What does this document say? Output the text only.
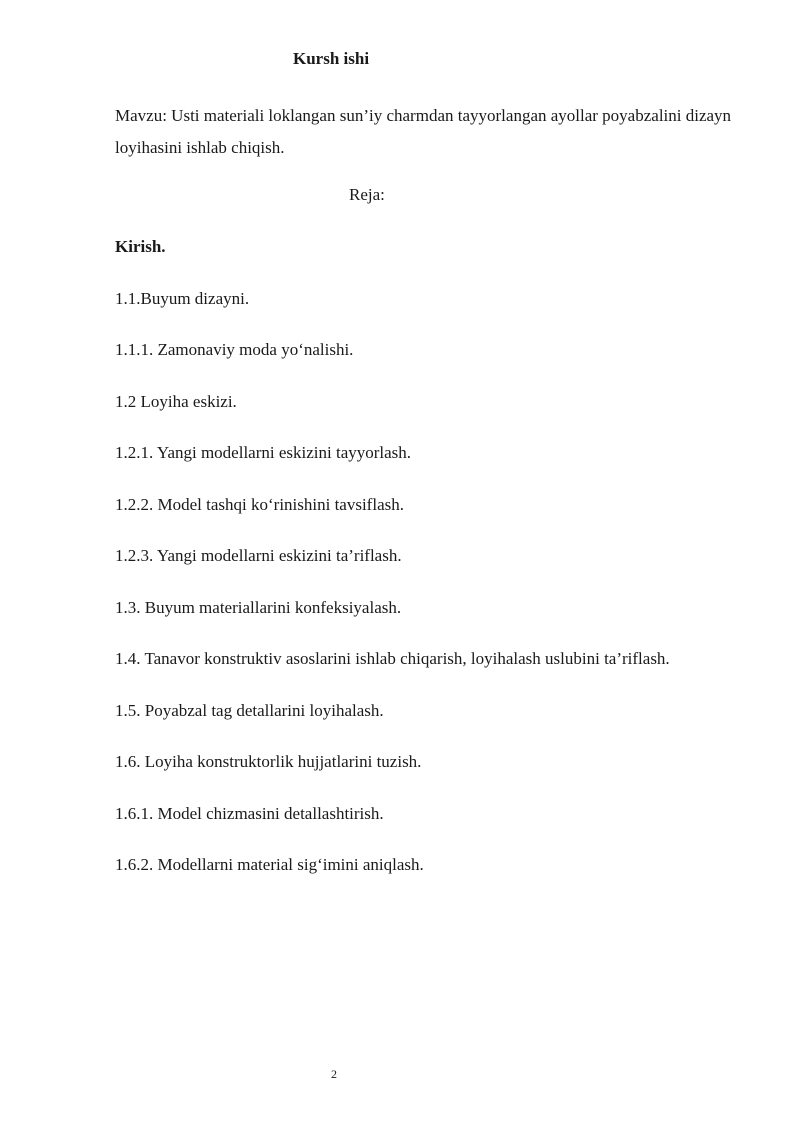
Kursh ishi
Mavzu: Usti materiali loklangan sun’iy charmdan tayyorlangan ayollar poyabzalini dizayn loyihasini ishlab chiqish.
Reja:
Kirish.
1.1.Buyum dizayni.
1.1.1. Zamonaviy moda yo‘nalishi.
1.2 Loyiha eskizi.
1.2.1. Yangi modellarni eskizini tayyorlash.
1.2.2. Model tashqi ko‘rinishini tavsiflash.
1.2.3. Yangi modellarni eskizini ta’riflash.
1.3. Buyum materiallarini konfeksiyalash.
1.4. Tanavor konstruktiv asoslarini ishlab chiqarish, loyihalash uslubini ta’riflash.
1.5. Poyabzal tag detallarini loyihalash.
1.6. Loyiha konstruktorlik hujjatlarini tuzish.
1.6.1. Model chizmasini detallashtirish.
1.6.2. Modellarni material sig‘imini aniqlash.
2
